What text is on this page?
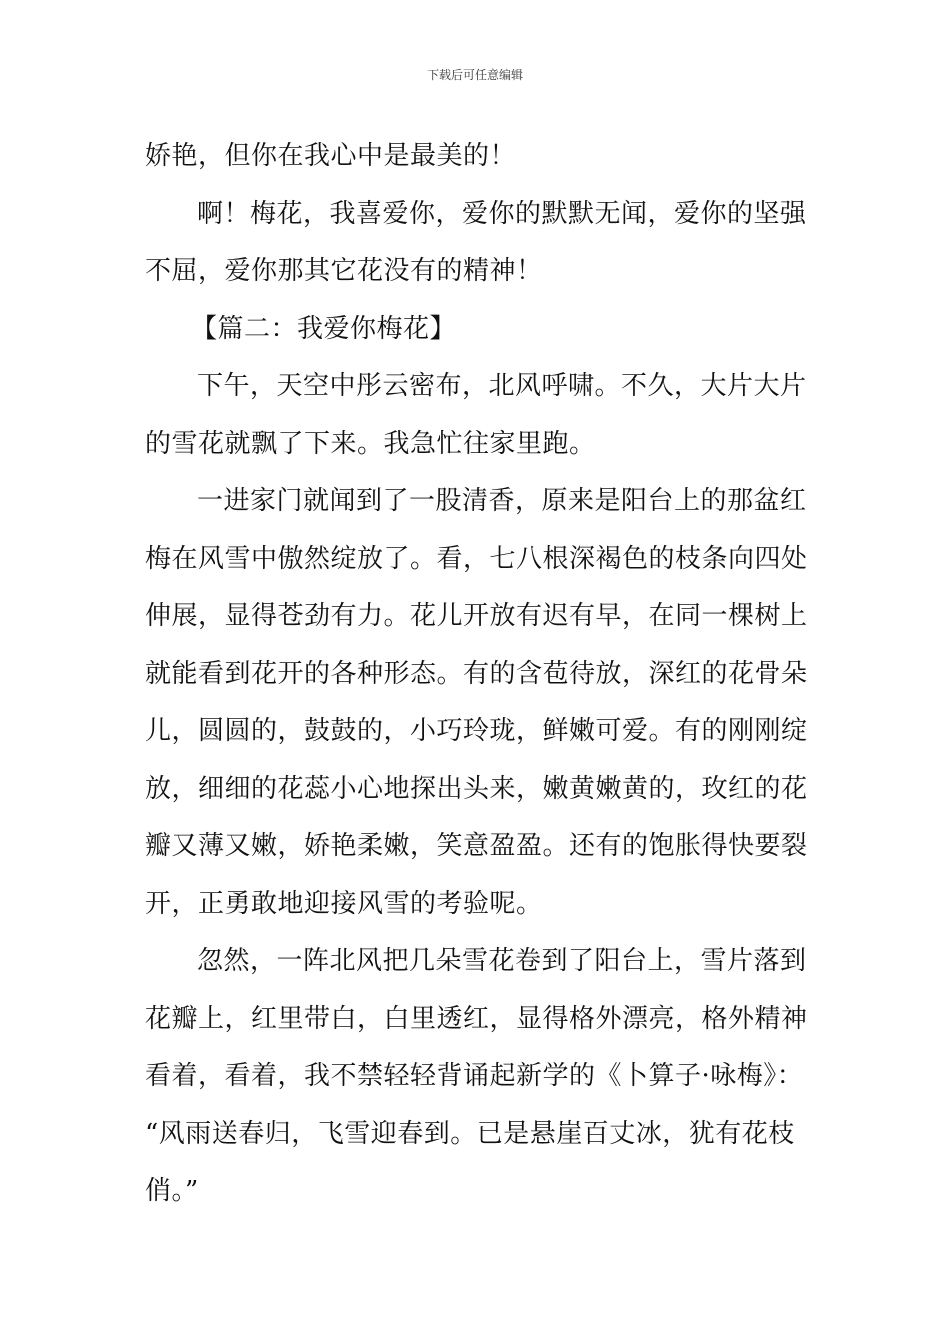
下载后可任意编辑
娇艳，但你在我心中是最美的！
啊！梅花，我喜爱你，爱你的默默无闻，爱你的坚强
不屈，爱你那其它花没有的精神！
【篇二：我爱你梅花】
下午，天空中彤云密布，北风呼啸。不久，大片大片
的雪花就飘了下来。我急忙往家里跑。
一进家门就闻到了一股清香，原来是阳台上的那盆红
梅在风雪中傲然绽放了。看，七八根深褐色的枝条向四处
伸展，显得苍劲有力。花儿开放有迟有早，在同一棵树上
就能看到花开的各种形态。有的含苞待放，深红的花骨朵
儿，圆圆的，鼓鼓的，小巧玲珑，鲜嫩可爱。有的刚刚绽
放，细细的花蕊小心地探出头来，嫩黄嫩黄的，玫红的花
瓣又薄又嫩，娇艳柔嫩，笑意盈盈。还有的饱胀得快要裂
开，正勇敢地迎接风雪的考验呢。
忽然，一阵北风把几朵雪花卷到了阳台上，雪片落到
花瓣上，红里带白，白里透红，显得格外漂亮，格外精神
看着，看着，我不禁轻轻背诵起新学的《卜算子·咏梅》：
“风雨送春归，飞雪迎春到。已是悬崖百丈冰，犹有花枝
俏。”
